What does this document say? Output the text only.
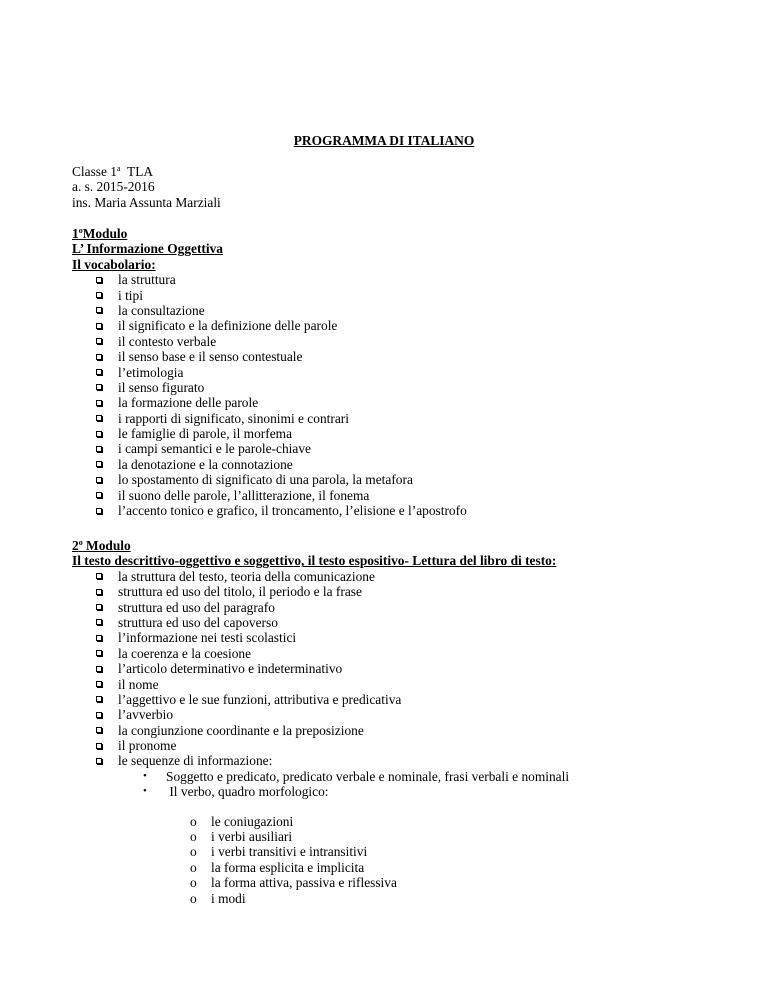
PROGRAMMA DI ITALIANO
Classe 1$^a$  TLA
a. s. 2015-2016
ins. Maria Assunta Marziali
1$^o$Modulo
L’ Informazione Oggettiva
Il vocabolario:
la struttura
i tipi
la consultazione
il significato e la definizione delle parole
il contesto verbale
il senso base e il senso contestuale
l’etimologia
il senso figurato
la formazione delle parole
i rapporti di significato, sinonimi e contrari
le famiglie di parole, il morfema
i campi semantici e le parole-chiave
la denotazione e la connotazione
lo spostamento di significato di una parola, la metafora
il suono delle parole, l’allitterazione, il fonema
l’accento tonico e grafico, il troncamento, l’elisione e l’apostrofo
2$^o$ Modulo
Il testo descrittivo-oggettivo e soggettivo, il testo espositivo- Lettura del libro di testo:
la struttura del testo, teoria della comunicazione
struttura ed uso del titolo, il periodo e la frase
struttura ed uso del paragrafo
struttura ed uso del capoverso
l’informazione nei testi scolastici
la coerenza e la coesione
l’articolo determinativo e indeterminativo
il nome
l’aggettivo e le sue funzioni, attributiva e predicativa
l’avverbio
la congiunzione coordinante e la preposizione
il pronome
le sequenze di informazione:
• Soggetto e predicato, predicato verbale e nominale, frasi verbali e nominali
• Il verbo, quadro morfologico:
o le coniugazioni
o i verbi ausiliari
o i verbi transitivi e intransitivi
o la forma esplicita e implicita
o la forma attiva, passiva e riflessiva
o i modi
